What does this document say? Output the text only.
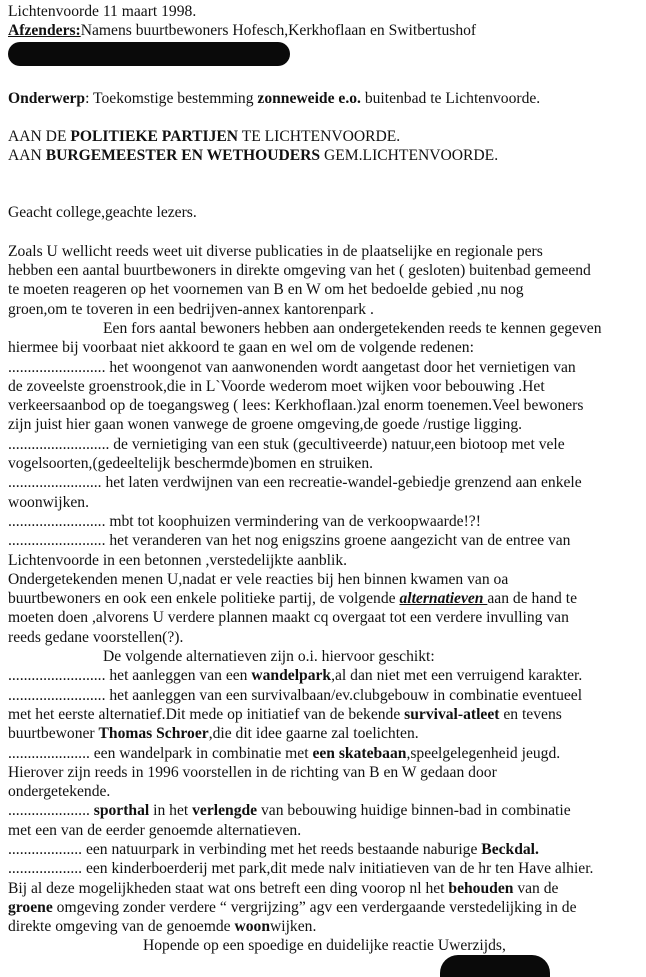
Lichtenvoorde 11 maart 1998.
Afzenders:Namens buurtbewoners Hofesch,Kerkhoflaan en Switbertushof
Onderwerp: Toekomstige bestemming zonneweide e.o. buitenbad te Lichtenvoorde.
AAN DE POLITIEKE PARTIJEN TE LICHTENVOORDE.
AAN BURGEMEESTER EN WETHOUDERS GEM.LICHTENVOORDE.
Geacht college,geachte lezers.
Zoals U wellicht reeds weet uit diverse publicaties in de plaatselijke en regionale pers
hebben een aantal buurtbewoners in direkte omgeving van het ( gesloten) buitenbad gemeend
te moeten reageren op het voornemen van B en W om het bedoelde gebied ,nu nog
groen,om te toveren in een bedrijven-annex kantorenpark .
Een fors aantal bewoners hebben aan ondergetekenden reeds te kennen gegeven
hiermee bij voorbaat niet akkoord te gaan en wel om de volgende redenen:
......................... het woongenot van aanwonenden wordt aangetast door het vernietigen van
de zoveelste groenstrook,die in L`Voorde wederom moet wijken voor bebouwing .Het
verkeersaanbod op de toegangsweg ( lees: Kerkhoflaan.)zal enorm toenemen.Veel bewoners
zijn juist hier gaan wonen vanwege de groene omgeving,de goede /rustige ligging.
.......................... de vernietiging van een stuk (gecultiveerde) natuur,een biotoop met vele
vogelsoorten,(gedeeltelijk beschermde)bomen en struiken.
........................ het laten verdwijnen van een recreatie-wandel-gebiedje grenzend aan enkele
woonwijken.
......................... mbt tot koophuizen vermindering van de verkoopwaarde!?!
......................... het veranderen van het nog enigszins groene aangezicht van de entree van
Lichtenvoorde in een betonnen ,verstedelijkte aanblik.
Ondergetekenden menen U,nadat er vele reacties bij hen binnen kwamen van oa
buurtbewoners en ook een enkele politieke partij, de volgende alternatieven aan de hand te
moeten doen ,alvorens U verdere plannen maakt cq overgaat tot een verdere invulling van
reeds gedane voorstellen(?).
De volgende alternatieven zijn o.i. hiervoor geschikt:
......................... het aanleggen van een wandelpark,al dan niet met een verruigend karakter.
......................... het aanleggen van een survivalbaan/ev.clubgebouw in combinatie eventueel
met het eerste alternatief.Dit mede op initiatief van de bekende survival-atleet en tevens
buurtbewoner Thomas Schroer,die dit idee gaarne zal toelichten.
..................... een wandelpark in combinatie met een skatebaan,speelgelegenheid jeugd.
Hierover zijn reeds in 1996 voorstellen in de richting van B en W gedaan door
ondergetekende.
..................... sporthal in het verlengde van bebouwing huidige binnen-bad in combinatie
met een van de eerder genoemde alternatieven.
................... een natuurpark in verbinding met het reeds bestaande naburige Beckdal.
................... een kinderboerderij met park,dit mede nalv initiatieven van de hr ten Have alhier.
Bij al deze mogelijkheden staat wat ons betreft een ding voorop nl het behouden van de
groene omgeving zonder verdere “ vergrijzing” agv een verdergaande verstedelijking in de
direkte omgeving van de genoemde woonwijken.
Hopende op een spoedige en duidelijke reactie Uwerzijds,
